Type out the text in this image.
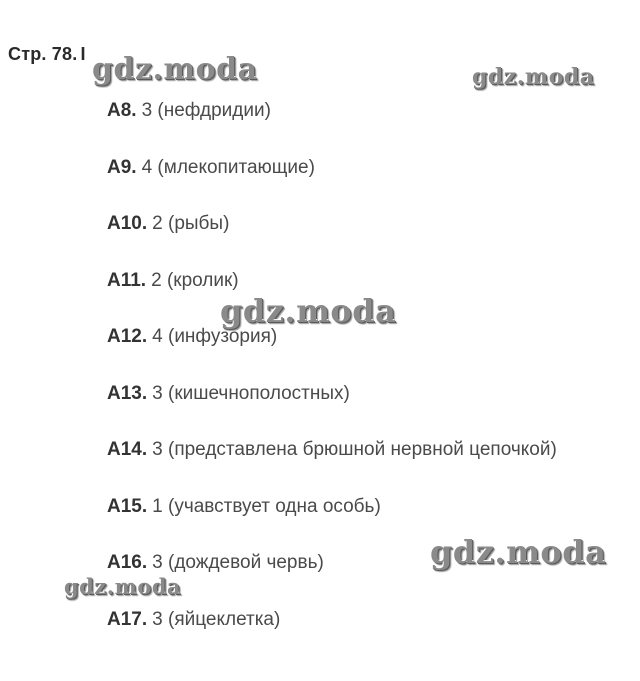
Стр. 78. I
А8. 3 (нефдридии)
А9. 4 (млекопитающие)
А10. 2 (рыбы)
А11. 2 (кролик)
А12. 4 (инфузория)
А13. 3 (кишечнополостных)
А14. 3 (представлена брюшной нервной цепочкой)
А15. 1 (учавствует одна особь)
А16. 3 (дождевой червь)
А17. 3 (яйцеклетка)
gdz.moda	gdz.moda
gdz.moda
gdz.moda
gdz.moda
